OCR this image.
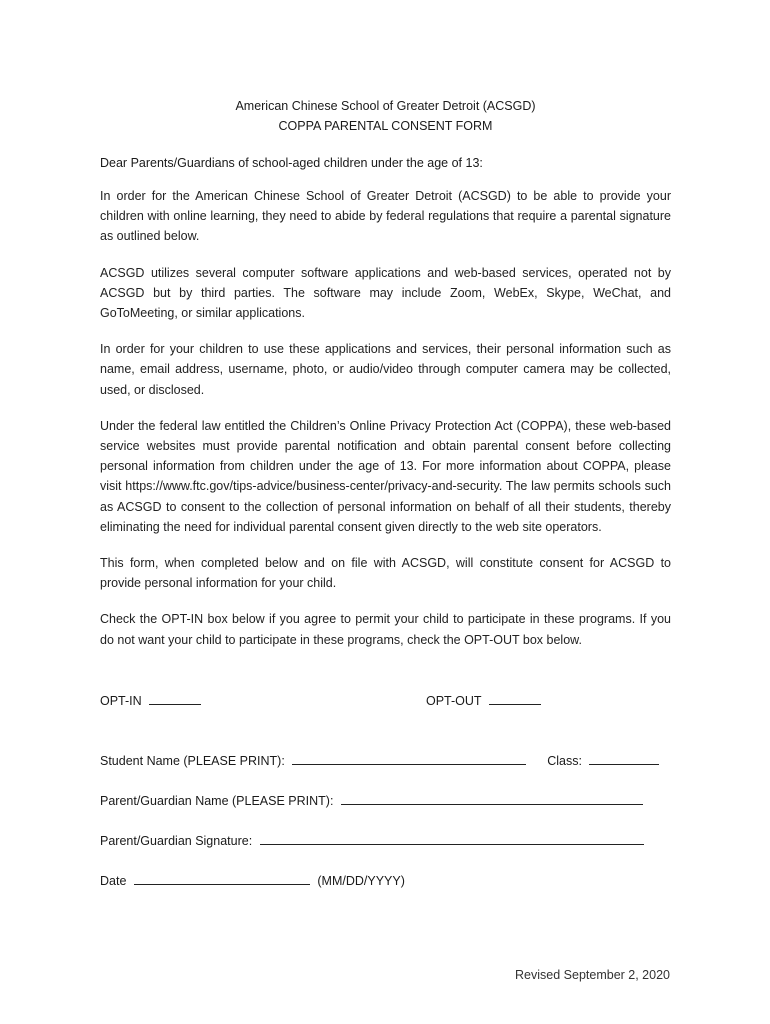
American Chinese School of Greater Detroit (ACSGD)
COPPA PARENTAL CONSENT FORM
Dear Parents/Guardians of school-aged children under the age of 13:

In order for the American Chinese School of Greater Detroit (ACSGD) to be able to provide your children with online learning, they need to abide by federal regulations that require a parental signature as outlined below.

ACSGD utilizes several computer software applications and web-based services, operated not by ACSGD but by third parties. The software may include Zoom, WebEx, Skype, WeChat, and GoToMeeting, or similar applications.

In order for your children to use these applications and services, their personal information such as name, email address, username, photo, or audio/video through computer camera may be collected, used, or disclosed.

Under the federal law entitled the Children’s Online Privacy Protection Act (COPPA), these web-based service websites must provide parental notification and obtain parental consent before collecting personal information from children under the age of 13. For more information about COPPA, please visit https://www.ftc.gov/tips-advice/business-center/privacy-and-security. The law permits schools such as ACSGD to consent to the collection of personal information on behalf of all their students, thereby eliminating the need for individual parental consent given directly to the web site operators.

This form, when completed below and on file with ACSGD, will constitute consent for ACSGD to provide personal information for your child.

Check the OPT-IN box below if you agree to permit your child to participate in these programs. If you do not want your child to participate in these programs, check the OPT-OUT box below.

OPT-IN	OPT-OUT
Student Name (PLEASE PRINT):	Class:
Parent/Guardian Name (PLEASE PRINT):
Parent/Guardian Signature:
Date	(MM/DD/YYYY)
Revised September 2, 2020
